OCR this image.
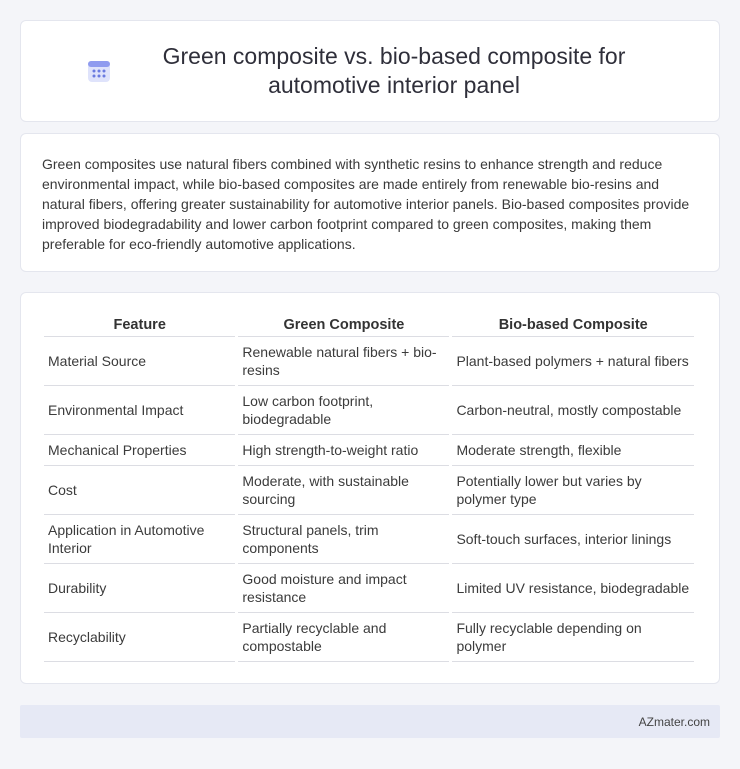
Green composite vs. bio-based composite for automotive interior panel

Green composites use natural fibers combined with synthetic resins to enhance strength and reduce environmental impact, while bio-based composites are made entirely from renewable bio-resins and natural fibers, offering greater sustainability for automotive interior panels. Bio-based composites provide improved biodegradability and lower carbon footprint compared to green composites, making them preferable for eco-friendly automotive applications.

Feature	Green Composite	Bio-based Composite
Material Source	Renewable natural fibers + bio-resins	Plant-based polymers + natural fibers
Environmental Impact	Low carbon footprint, biodegradable	Carbon-neutral, mostly compostable
Mechanical Properties	High strength-to-weight ratio	Moderate strength, flexible
Cost	Moderate, with sustainable sourcing	Potentially lower but varies by polymer type
Application in Automotive Interior	Structural panels, trim components	Soft-touch surfaces, interior linings
Durability	Good moisture and impact resistance	Limited UV resistance, biodegradable
Recyclability	Partially recyclable and compostable	Fully recyclable depending on polymer
AZmater.com
